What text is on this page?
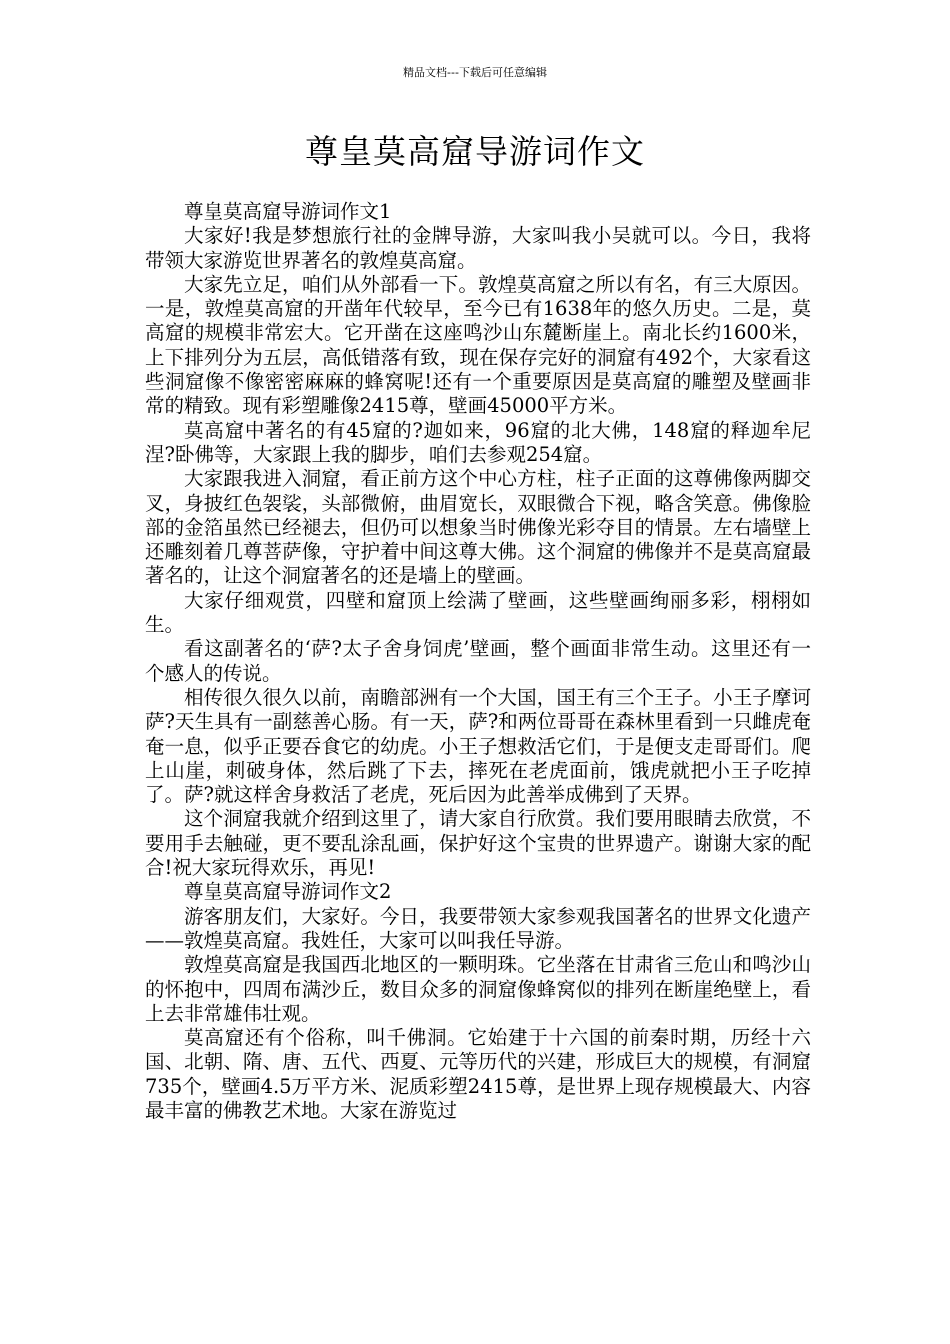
精品文档---下载后可任意编辑
尊皇莫高窟导游词作文

尊皇莫高窟导游词作文1

大家好!我是梦想旅行社的金牌导游，大家叫我小吴就可以。今日，我将带领大家游览世界著名的敦煌莫高窟。

大家先立足，咱们从外部看一下。敦煌莫高窟之所以有名，有三大原因。一是，敦煌莫高窟的开凿年代较早，至今已有1638年的悠久历史。二是，莫高窟的规模非常宏大。它开凿在这座鸣沙山东麓断崖上。南北长约1600米，上下排列分为五层，高低错落有致，现在保存完好的洞窟有492个，大家看这些洞窟像不像密密麻麻的蜂窝呢!还有一个重要原因是莫高窟的雕塑及壁画非常的精致。现有彩塑雕像2415尊，壁画45000平方米。

莫高窟中著名的有45窟的?迦如来，96窟的北大佛，148窟的释迦牟尼涅?卧佛等，大家跟上我的脚步，咱们去参观254窟。

大家跟我进入洞窟，看正前方这个中心方柱，柱子正面的这尊佛像两脚交叉，身披红色袈裟，头部微俯，曲眉宽长，双眼微合下视，略含笑意。佛像脸部的金箔虽然已经褪去，但仍可以想象当时佛像光彩夺目的情景。左右墙壁上还雕刻着几尊菩萨像，守护着中间这尊大佛。这个洞窟的佛像并不是莫高窟最著名的，让这个洞窟著名的还是墙上的壁画。

大家仔细观赏，四壁和窟顶上绘满了壁画，这些壁画绚丽多彩，栩栩如生。

看这副著名的‘萨?太子舍身饲虎’壁画，整个画面非常生动。这里还有一个感人的传说。

相传很久很久以前，南瞻部洲有一个大国，国王有三个王子。小王子摩诃萨?天生具有一副慈善心肠。有一天，萨?和两位哥哥在森林里看到一只雌虎奄奄一息，似乎正要吞食它的幼虎。小王子想救活它们，于是便支走哥哥们。爬上山崖，刺破身体，然后跳了下去，摔死在老虎面前，饿虎就把小王子吃掉了。萨?就这样舍身救活了老虎，死后因为此善举成佛到了天界。

这个洞窟我就介绍到这里了，请大家自行欣赏。我们要用眼睛去欣赏，不要用手去触碰，更不要乱涂乱画，保护好这个宝贵的世界遗产。谢谢大家的配合!祝大家玩得欢乐，再见!

尊皇莫高窟导游词作文2

游客朋友们，大家好。今日，我要带领大家参观我国著名的世界文化遗产——敦煌莫高窟。我姓任，大家可以叫我任导游。

敦煌莫高窟是我国西北地区的一颗明珠。它坐落在甘肃省三危山和鸣沙山的怀抱中，四周布满沙丘，数目众多的洞窟像蜂窝似的排列在断崖绝壁上，看上去非常雄伟壮观。

莫高窟还有个俗称，叫千佛洞。它始建于十六国的前秦时期，历经十六国、北朝、隋、唐、五代、西夏、元等历代的兴建，形成巨大的规模，有洞窟735个，壁画4.5万平方米、泥质彩塑2415尊，是世界上现存规模最大、内容最丰富的佛教艺术地。大家在游览过
